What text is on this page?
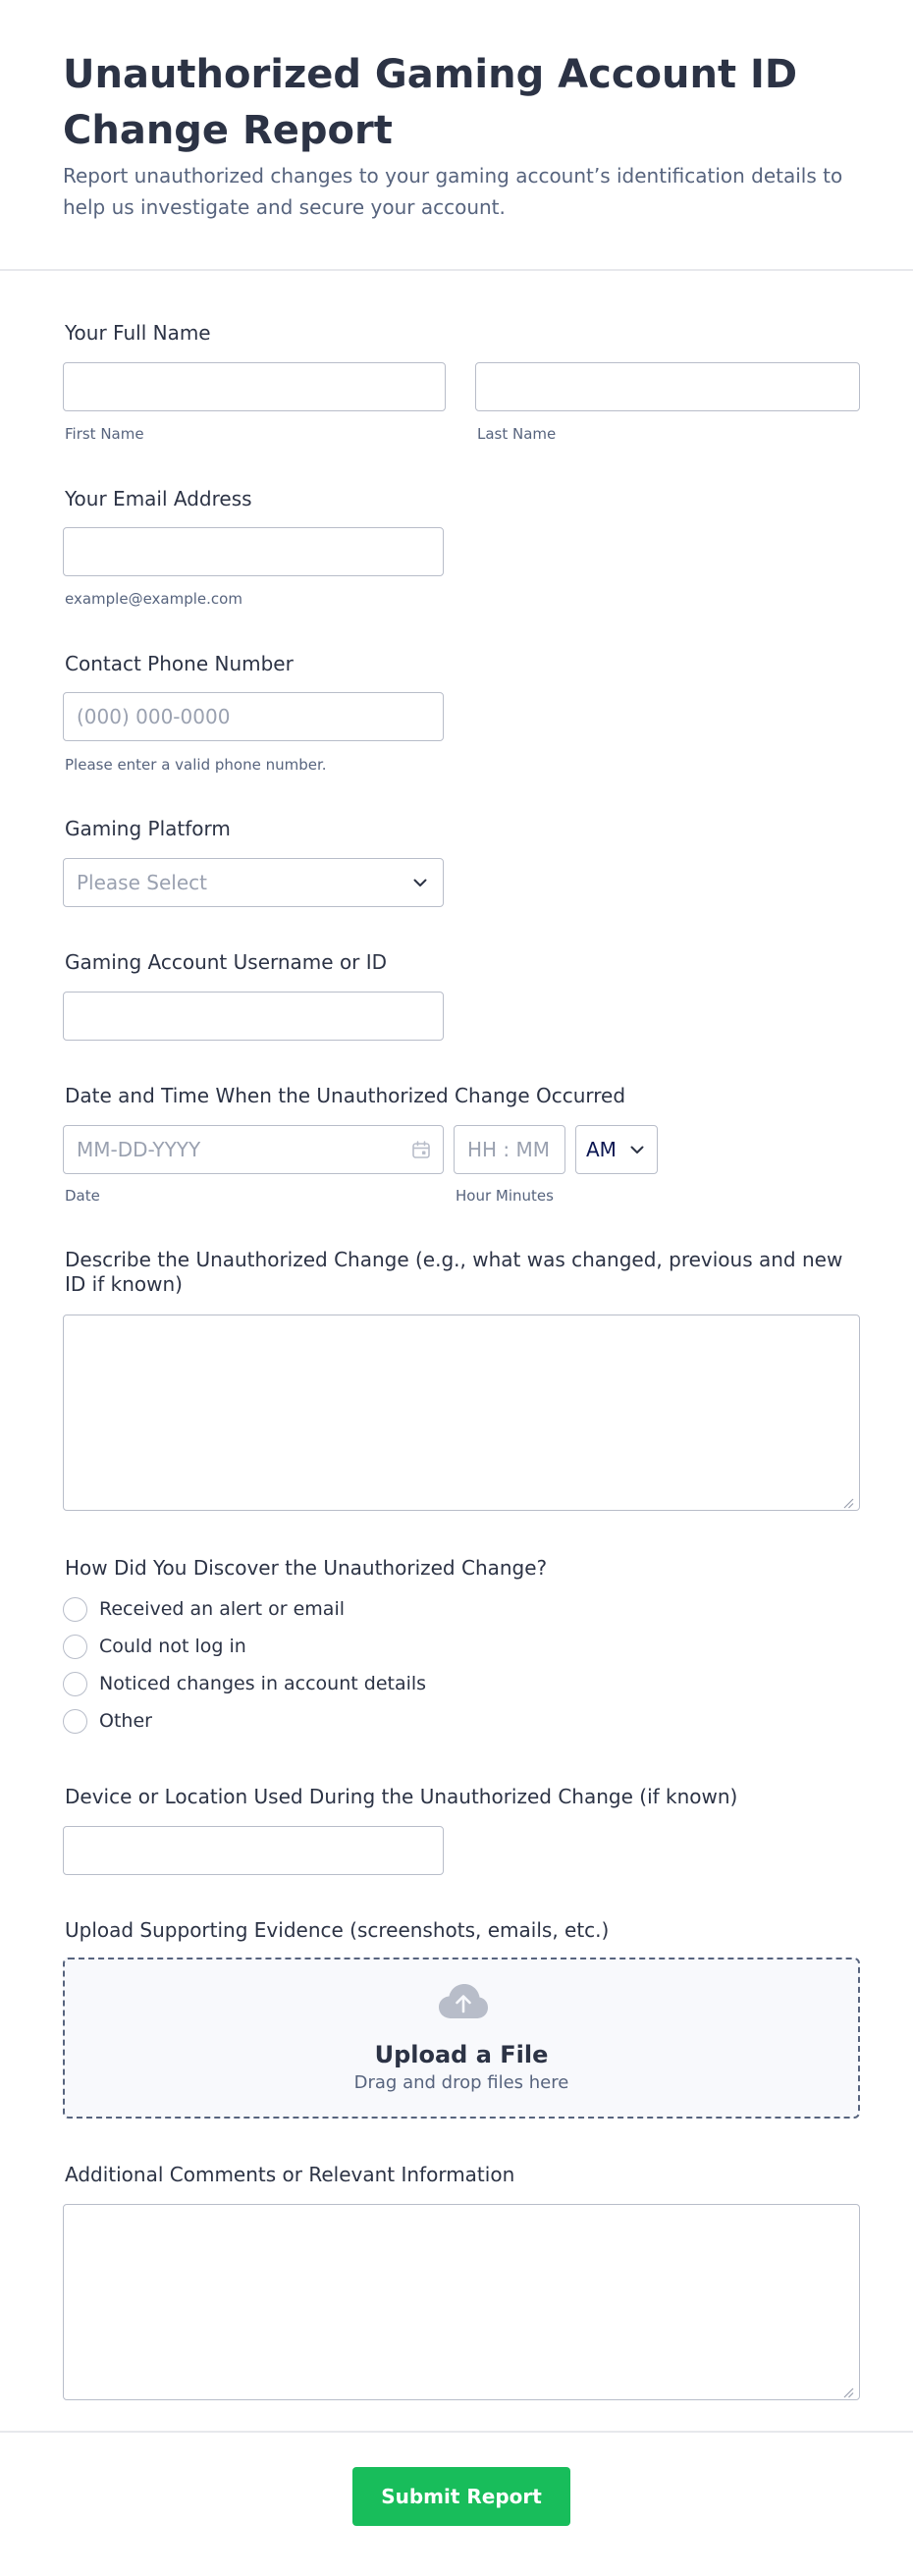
Unauthorized Gaming Account ID Change Report

Report unauthorized changes to your gaming account’s identification details to help us investigate and secure your account.

Your Full Name
First Name	Last Name
Your Email Address
example@example.com
Contact Phone Number
(000) 000-0000
Please enter a valid phone number.
Gaming Platform
Please Select
Gaming Account Username or ID
Date and Time When the Unauthorized Change Occurred
MM-DD-YYYY
HH : MM
AM
Date	Hour Minutes
Describe the Unauthorized Change (e.g., what was changed, previous and new ID if known)
How Did You Discover the Unauthorized Change?
Received an alert or email
Could not log in
Noticed changes in account details
Other
Device or Location Used During the Unauthorized Change (if known)
Upload Supporting Evidence (screenshots, emails, etc.)
Upload a File
Drag and drop files here
Additional Comments or Relevant Information
Submit Report
